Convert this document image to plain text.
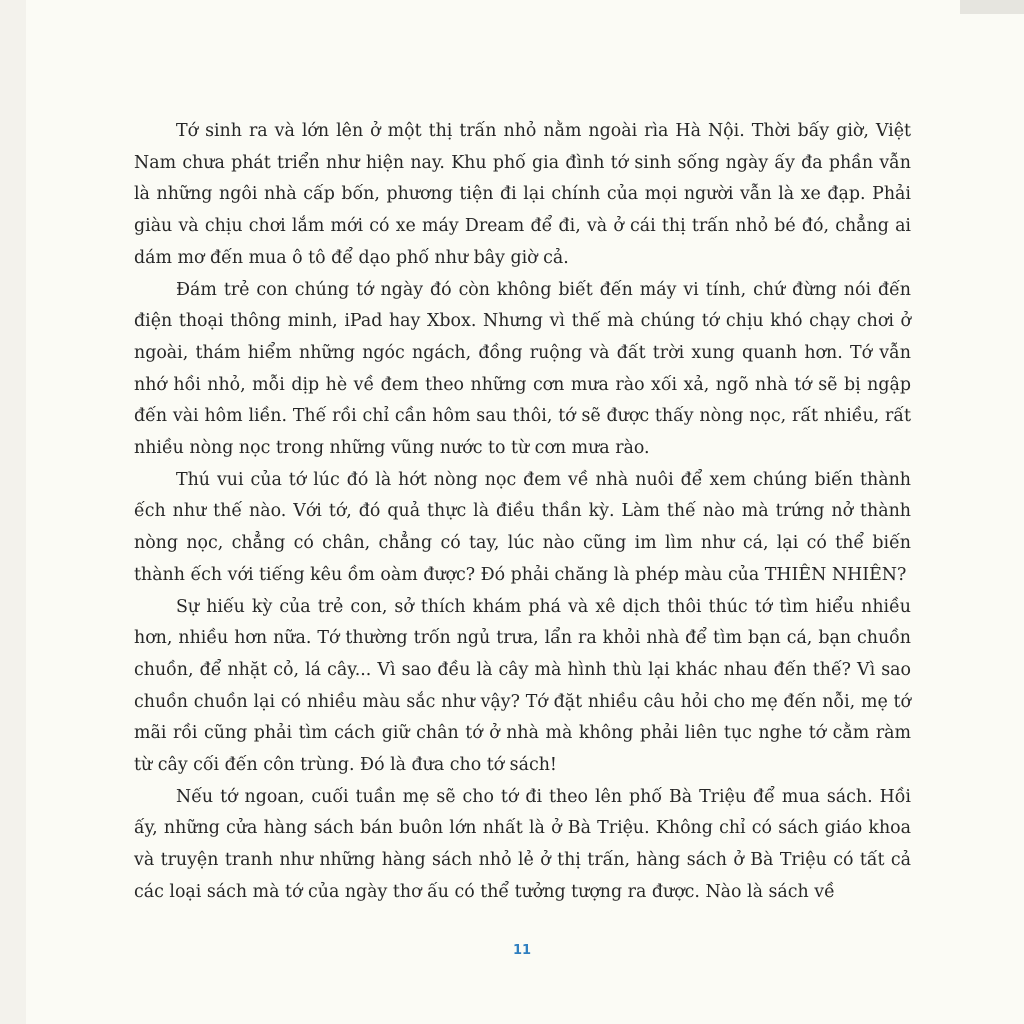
Tớ sinh ra và lớn lên ở một thị trấn nhỏ nằm ngoài rìa Hà Nội. Thời bấy giờ, Việt Nam chưa phát triển như hiện nay. Khu phố gia đình tớ sinh sống ngày ấy đa phần vẫn là những ngôi nhà cấp bốn, phương tiện đi lại chính của mọi người vẫn là xe đạp. Phải giàu và chịu chơi lắm mới có xe máy Dream để đi, và ở cái thị trấn nhỏ bé đó, chẳng ai dám mơ đến mua ô tô để dạo phố như bây giờ cả.

Đám trẻ con chúng tớ ngày đó còn không biết đến máy vi tính, chứ đừng nói đến điện thoại thông minh, iPad hay Xbox. Nhưng vì thế mà chúng tớ chịu khó chạy chơi ở ngoài, thám hiểm những ngóc ngách, đồng ruộng và đất trời xung quanh hơn. Tớ vẫn nhớ hồi nhỏ, mỗi dịp hè về đem theo những cơn mưa rào xối xả, ngõ nhà tớ sẽ bị ngập đến vài hôm liền. Thế rồi chỉ cần hôm sau thôi, tớ sẽ được thấy nòng nọc, rất nhiều, rất nhiều nòng nọc trong những vũng nước to từ cơn mưa rào.

Thú vui của tớ lúc đó là hớt nòng nọc đem về nhà nuôi để xem chúng biến thành ếch như thế nào. Với tớ, đó quả thực là điều thần kỳ. Làm thế nào mà trứng nở thành nòng nọc, chẳng có chân, chẳng có tay, lúc nào cũng im lìm như cá, lại có thể biến thành ếch với tiếng kêu ồm oàm được? Đó phải chăng là phép màu của THIÊN NHIÊN?

Sự hiếu kỳ của trẻ con, sở thích khám phá và xê dịch thôi thúc tớ tìm hiểu nhiều hơn, nhiều hơn nữa. Tớ thường trốn ngủ trưa, lẩn ra khỏi nhà để tìm bạn cá, bạn chuồn chuồn, để nhặt cỏ, lá cây... Vì sao đều là cây mà hình thù lại khác nhau đến thế? Vì sao chuồn chuồn lại có nhiều màu sắc như vậy? Tớ đặt nhiều câu hỏi cho mẹ đến nỗi, mẹ tớ mãi rồi cũng phải tìm cách giữ chân tớ ở nhà mà không phải liên tục nghe tớ cằm ràm từ cây cối đến côn trùng. Đó là đưa cho tớ sách!

Nếu tớ ngoan, cuối tuần mẹ sẽ cho tớ đi theo lên phố Bà Triệu để mua sách. Hồi ấy, những cửa hàng sách bán buôn lớn nhất là ở Bà Triệu. Không chỉ có sách giáo khoa và truyện tranh như những hàng sách nhỏ lẻ ở thị trấn, hàng sách ở Bà Triệu có tất cả các loại sách mà tớ của ngày thơ ấu có thể tưởng tượng ra được. Nào là sách về

11
